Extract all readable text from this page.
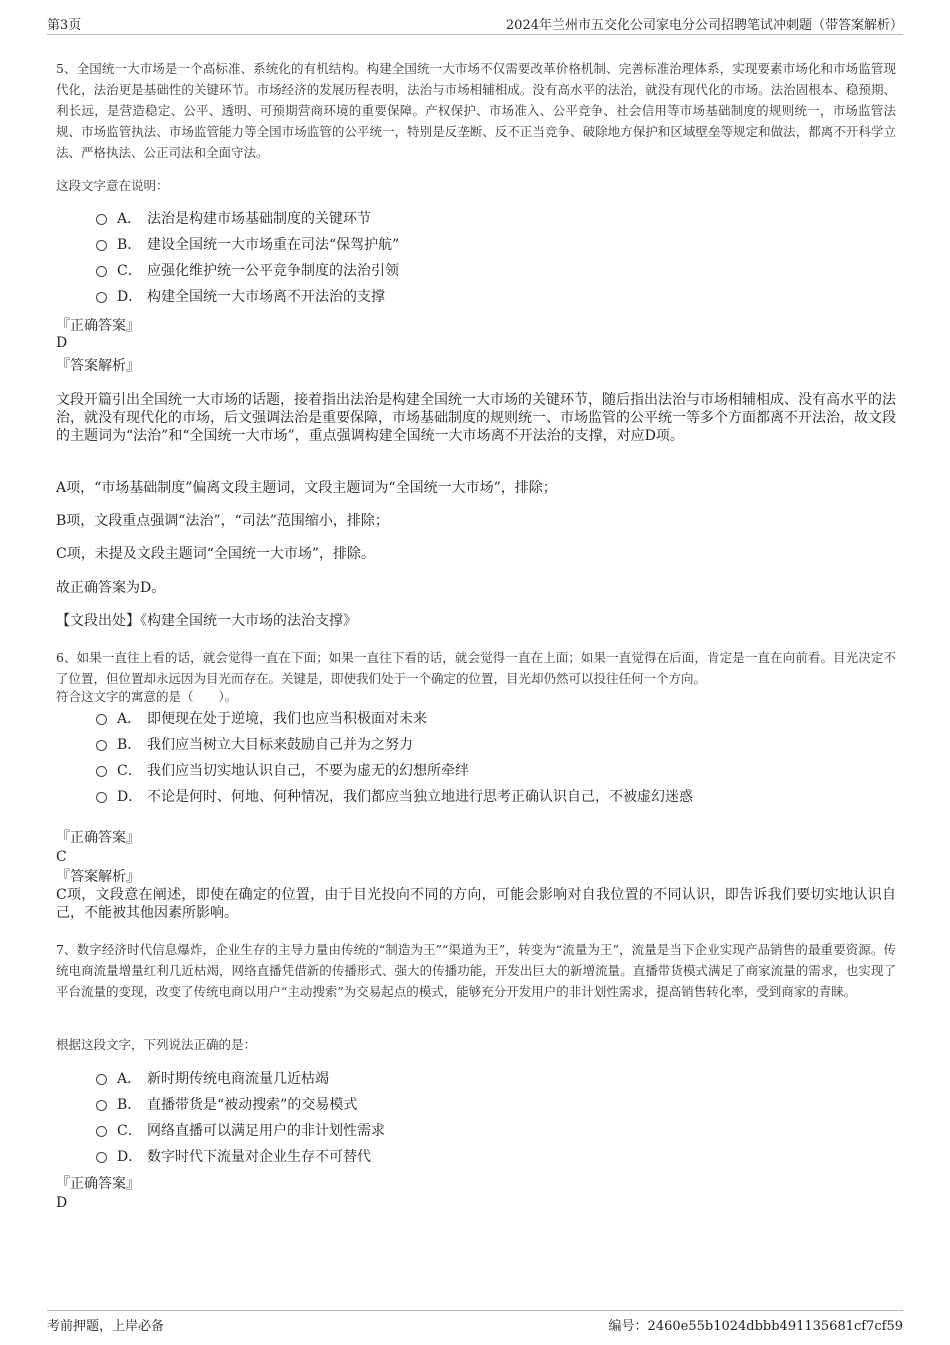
第3页	2024年兰州市五交化公司家电分公司招聘笔试冲刺题（带答案解析）
5、全国统一大市场是一个高标准、系统化的有机结构。构建全国统一大市场不仅需要改革价格机制、完善标准治理体系，实现要素市场化和市场监管现代化，法治更是基础性的关键环节。市场经济的发展历程表明，法治与市场相辅相成。没有高水平的法治，就没有现代化的市场。法治固根本、稳预期、利长远，是营造稳定、公平、透明、可预期营商环境的重要保障。产权保护、市场准入、公平竞争、社会信用等市场基础制度的规则统一，市场监管法规、市场监管执法、市场监管能力等全国市场监管的公平统一，特别是反垄断、反不正当竞争、破除地方保护和区域壁垒等规定和做法，都离不开科学立法、严格执法、公正司法和全面守法。
这段文字意在说明：
A． 法治是构建市场基础制度的关键环节
B． 建设全国统一大市场重在司法“保驾护航”
C． 应强化维护统一公平竞争制度的法治引领
D． 构建全国统一大市场离不开法治的支撑
『正确答案』
D
『答案解析』
文段开篇引出全国统一大市场的话题，接着指出法治是构建全国统一大市场的关键环节，随后指出法治与市场相辅相成、没有高水平的法治，就没有现代化的市场，后文强调法治是重要保障，市场基础制度的规则统一、市场监管的公平统一等多个方面都离不开法治，故文段的主题词为“法治”和“全国统一大市场”，重点强调构建全国统一大市场离不开法治的支撑，对应D项。
A项，“市场基础制度”偏离文段主题词，文段主题词为“全国统一大市场”，排除；
B项，文段重点强调“法治”，“司法”范围缩小，排除；
C项，未提及文段主题词“全国统一大市场”，排除。
故正确答案为D。
【文段出处】《构建全国统一大市场的法治支撑》
6、如果一直往上看的话，就会觉得一直在下面；如果一直往下看的话，就会觉得一直在上面；如果一直觉得在后面，肯定是一直在向前看。目光决定不了位置，但位置却永远因为目光而存在。关键是，即使我们处于一个确定的位置，目光却仍然可以投往任何一个方向。
符合这文字的寓意的是（　　）。
A． 即便现在处于逆境，我们也应当积极面对未来
B． 我们应当树立大目标来鼓励自己并为之努力
C． 我们应当切实地认识自己，不要为虚无的幻想所牵绊
D． 不论是何时、何地、何种情况，我们都应当独立地进行思考正确认识自己，不被虚幻迷惑
『正确答案』
C
『答案解析』
C项，文段意在阐述，即使在确定的位置，由于目光投向不同的方向，可能会影响对自我位置的不同认识，即告诉我们要切实地认识自己，不能被其他因素所影响。
7、数字经济时代信息爆炸，企业生存的主导力量由传统的“制造为王”“渠道为王”，转变为“流量为王”，流量是当下企业实现产品销售的最重要资源。传统电商流量增量红利几近枯竭，网络直播凭借新的传播形式、强大的传播功能，开发出巨大的新增流量。直播带货模式满足了商家流量的需求，也实现了平台流量的变现，改变了传统电商以用户“主动搜索”为交易起点的模式，能够充分开发用户的非计划性需求，提高销售转化率，受到商家的青睐。
根据这段文字，下列说法正确的是：
A． 新时期传统电商流量几近枯竭
B． 直播带货是“被动搜索”的交易模式
C． 网络直播可以满足用户的非计划性需求
D． 数字时代下流量对企业生存不可替代
『正确答案』
D
考前押题，上岸必备	编号：2460e55b1024dbbb491135681cf7cf59
